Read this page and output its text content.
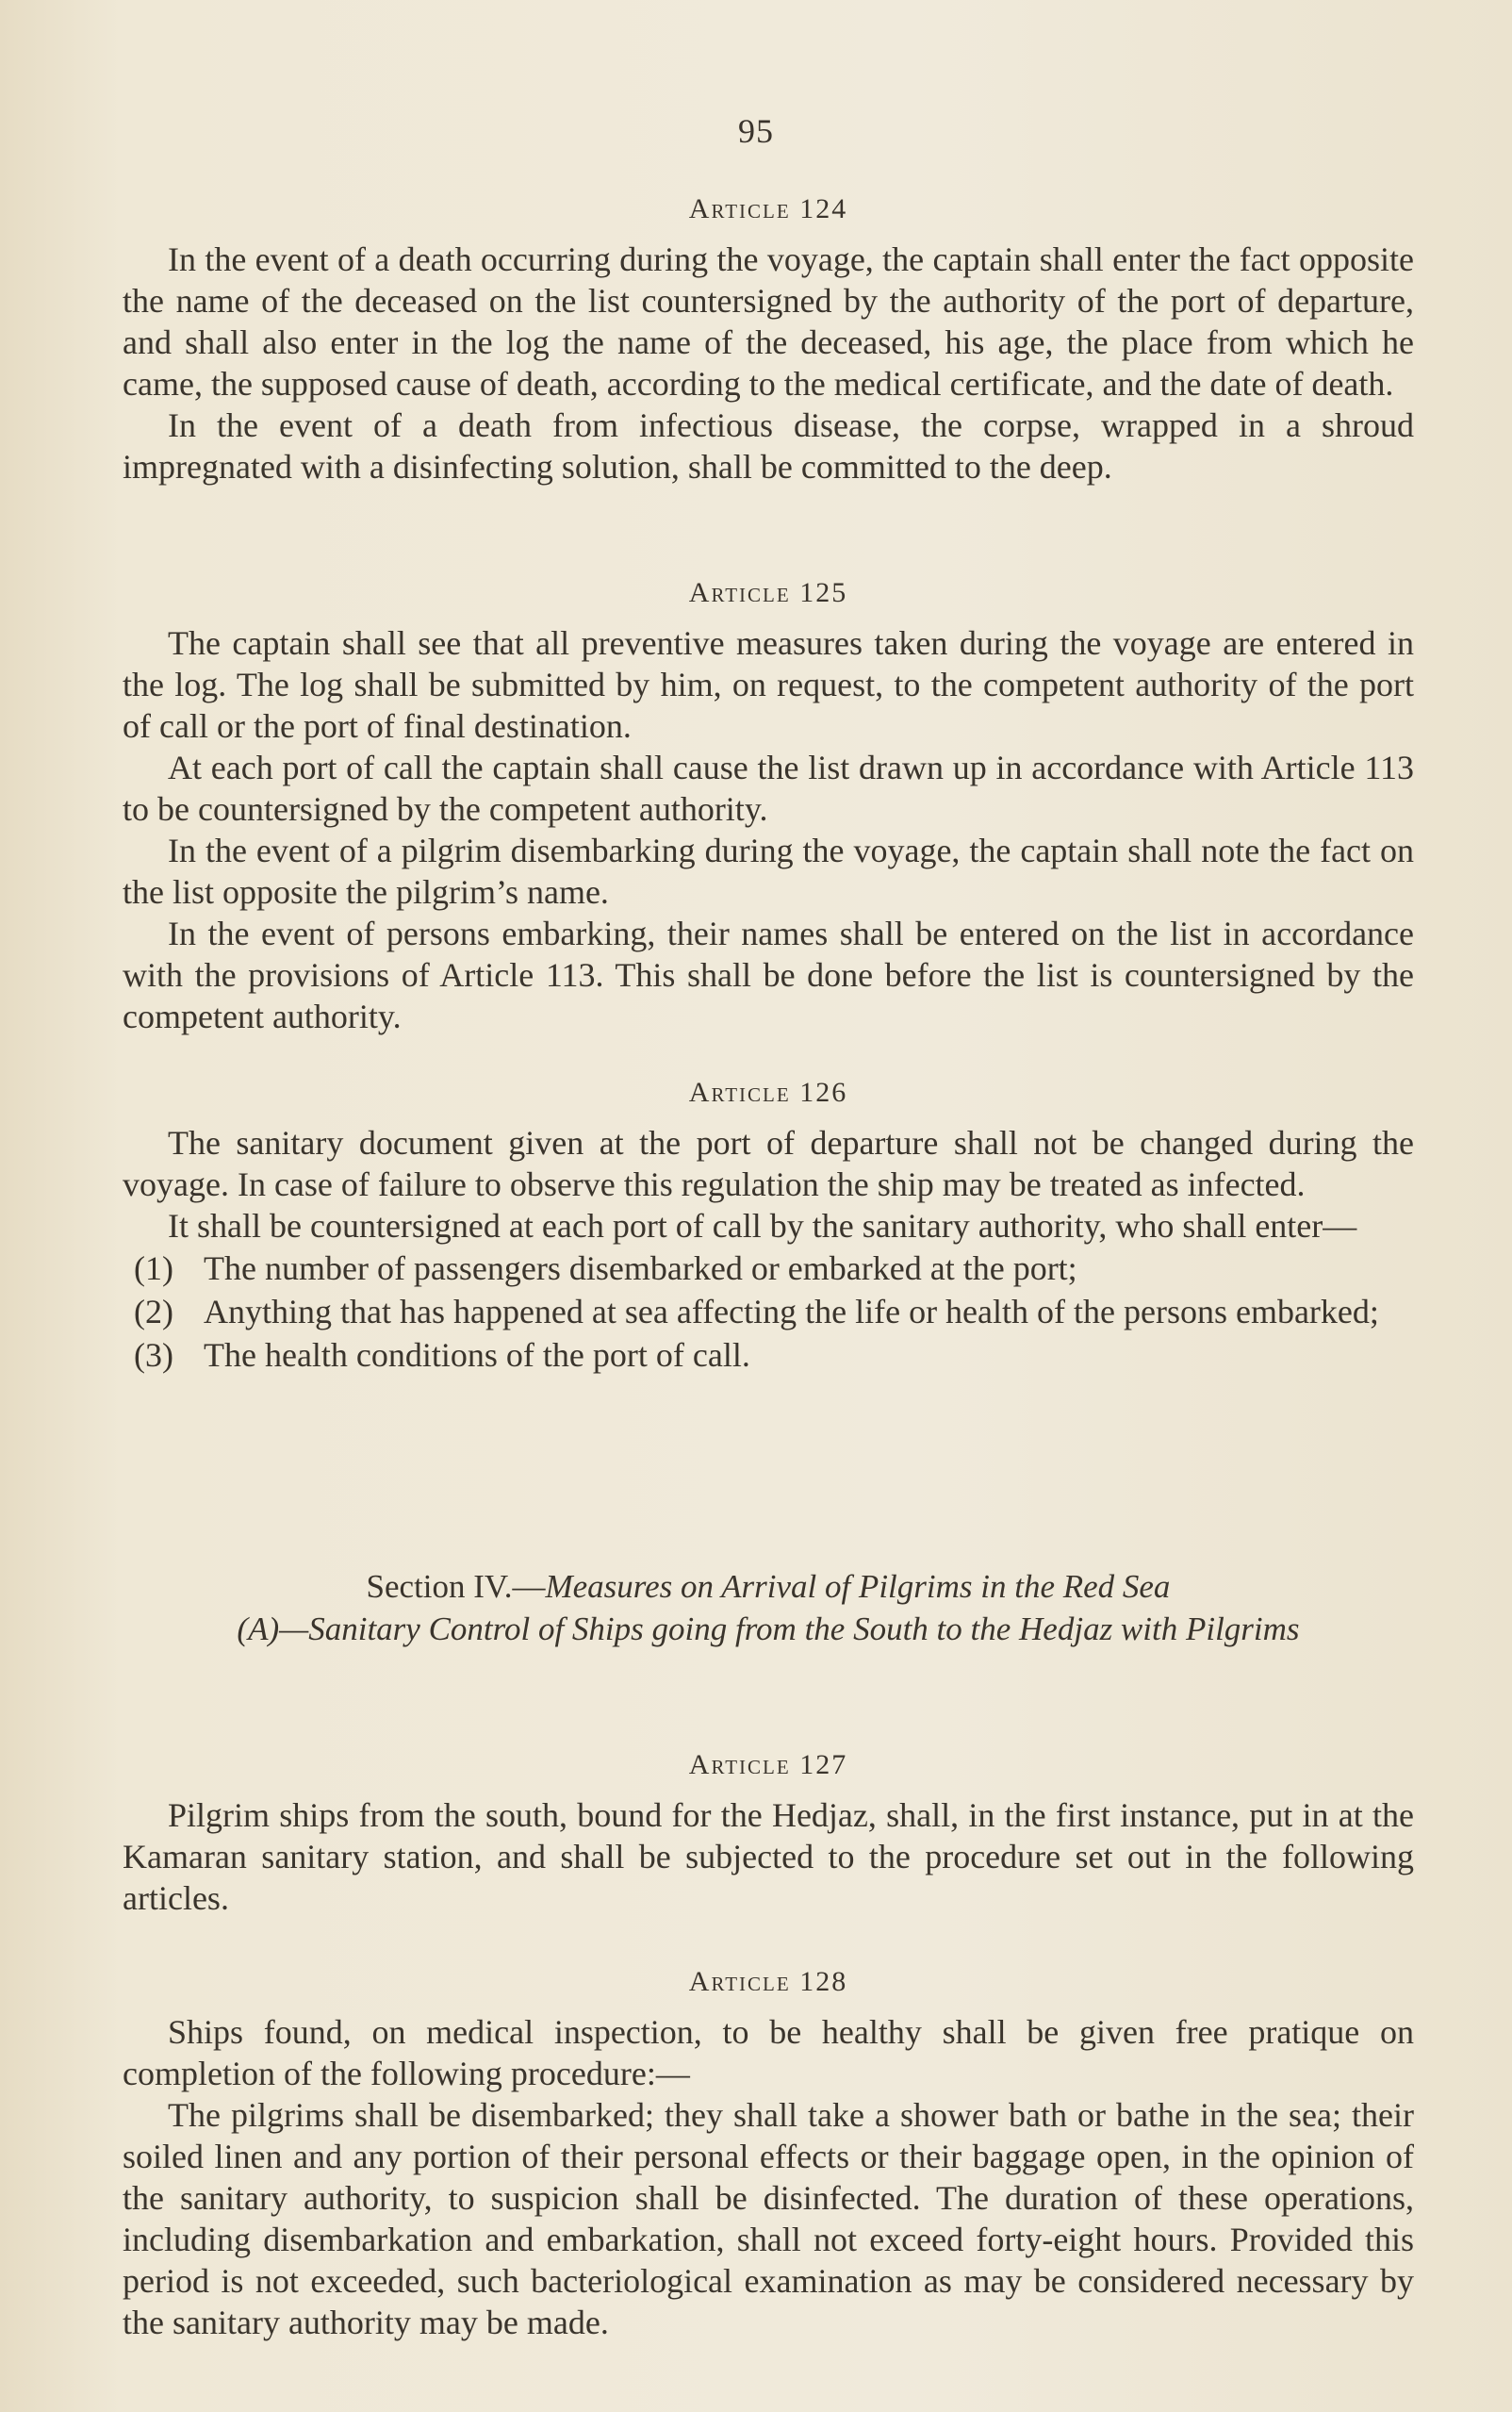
95

Article 124

In the event of a death occurring during the voyage, the captain shall enter the fact opposite the name of the deceased on the list countersigned by the authority of the port of departure, and shall also enter in the log the name of the deceased, his age, the place from which he came, the supposed cause of death, according to the medical certificate, and the date of death.

In the event of a death from infectious disease, the corpse, wrapped in a shroud impregnated with a disinfecting solution, shall be committed to the deep.

Article 125

The captain shall see that all preventive measures taken during the voyage are entered in the log. The log shall be submitted by him, on request, to the competent authority of the port of call or the port of final destination.

At each port of call the captain shall cause the list drawn up in accordance with Article 113 to be countersigned by the competent authority.

In the event of a pilgrim disembarking during the voyage, the captain shall note the fact on the list opposite the pilgrim’s name.

In the event of persons embarking, their names shall be entered on the list in accordance with the provisions of Article 113. This shall be done before the list is countersigned by the competent authority.

Article 126

The sanitary document given at the port of departure shall not be changed during the voyage. In case of failure to observe this regulation the ship may be treated as infected.

It shall be countersigned at each port of call by the sanitary authority, who shall enter—

(1) The number of passengers disembarked or embarked at the port;
(2) Anything that has happened at sea affecting the life or health of the persons embarked;
(3) The health conditions of the port of call.

Section IV.—Measures on Arrival of Pilgrims in the Red Sea

(A)—Sanitary Control of Ships going from the South to the Hedjaz with Pilgrims

Article 127

Pilgrim ships from the south, bound for the Hedjaz, shall, in the first instance, put in at the Kamaran sanitary station, and shall be subjected to the procedure set out in the following articles.

Article 128

Ships found, on medical inspection, to be healthy shall be given free pratique on completion of the following procedure:—

The pilgrims shall be disembarked; they shall take a shower bath or bathe in the sea; their soiled linen and any portion of their personal effects or their baggage open, in the opinion of the sanitary authority, to suspicion shall be disinfected. The duration of these operations, including disembarkation and embarkation, shall not exceed forty-eight hours. Provided this period is not exceeded, such bacteriological examination as may be considered necessary by the sanitary authority may be made.
